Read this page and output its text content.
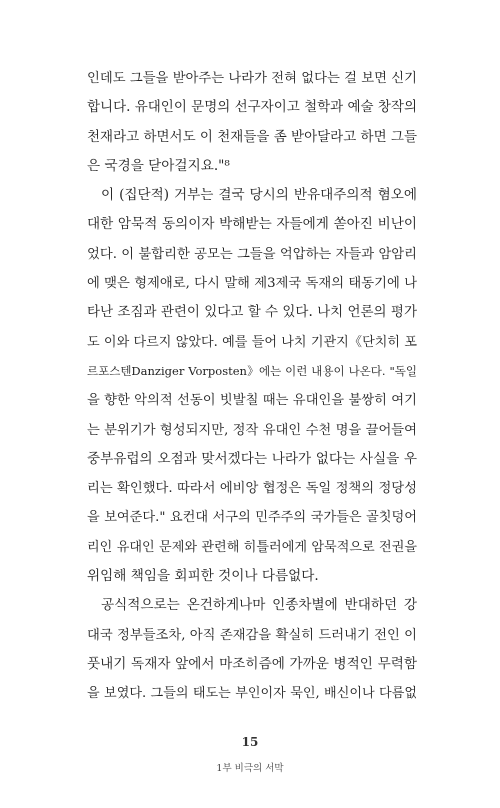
인데도 그들을 받아주는 나라가 전혀 없다는 걸 보면 신기
합니다. 유대인이 문명의 선구자이고 철학과 예술 창작의
천재라고 하면서도 이 천재들을 좀 받아달라고 하면 그들
은 국경을 닫아걸지요."⁸
이 (집단적) 거부는 결국 당시의 반유대주의적 혐오에
대한 암묵적 동의이자 박해받는 자들에게 쏟아진 비난이
었다. 이 불합리한 공모는 그들을 억압하는 자들과 암암리
에 맺은 형제애로, 다시 말해 제3제국 독재의 태동기에 나
타난 조짐과 관련이 있다고 할 수 있다. 나치 언론의 평가
도 이와 다르지 않았다. 예를 들어 나치 기관지《단치히 포
르포스텐Danziger Vorposten》에는 이런 내용이 나온다. "독일
을 향한 악의적 선동이 빗발칠 때는 유대인을 불쌍히 여기
는 분위기가 형성되지만, 정작 유대인 수천 명을 끌어들여
중부유럽의 오점과 맞서겠다는 나라가 없다는 사실을 우
리는 확인했다. 따라서 에비앙 협정은 독일 정책의 정당성
을 보여준다." 요컨대 서구의 민주주의 국가들은 골칫덩어
리인 유대인 문제와 관련해 히틀러에게 암묵적으로 전권을
위임해 책임을 회피한 것이나 다름없다.
공식적으로는 온건하게나마 인종차별에 반대하던 강
대국 정부들조차, 아직 존재감을 확실히 드러내기 전인 이
풋내기 독재자 앞에서 마조히즘에 가까운 병적인 무력함
을 보였다. 그들의 태도는 부인이자 묵인, 배신이나 다름없
15
1부 비극의 서막
